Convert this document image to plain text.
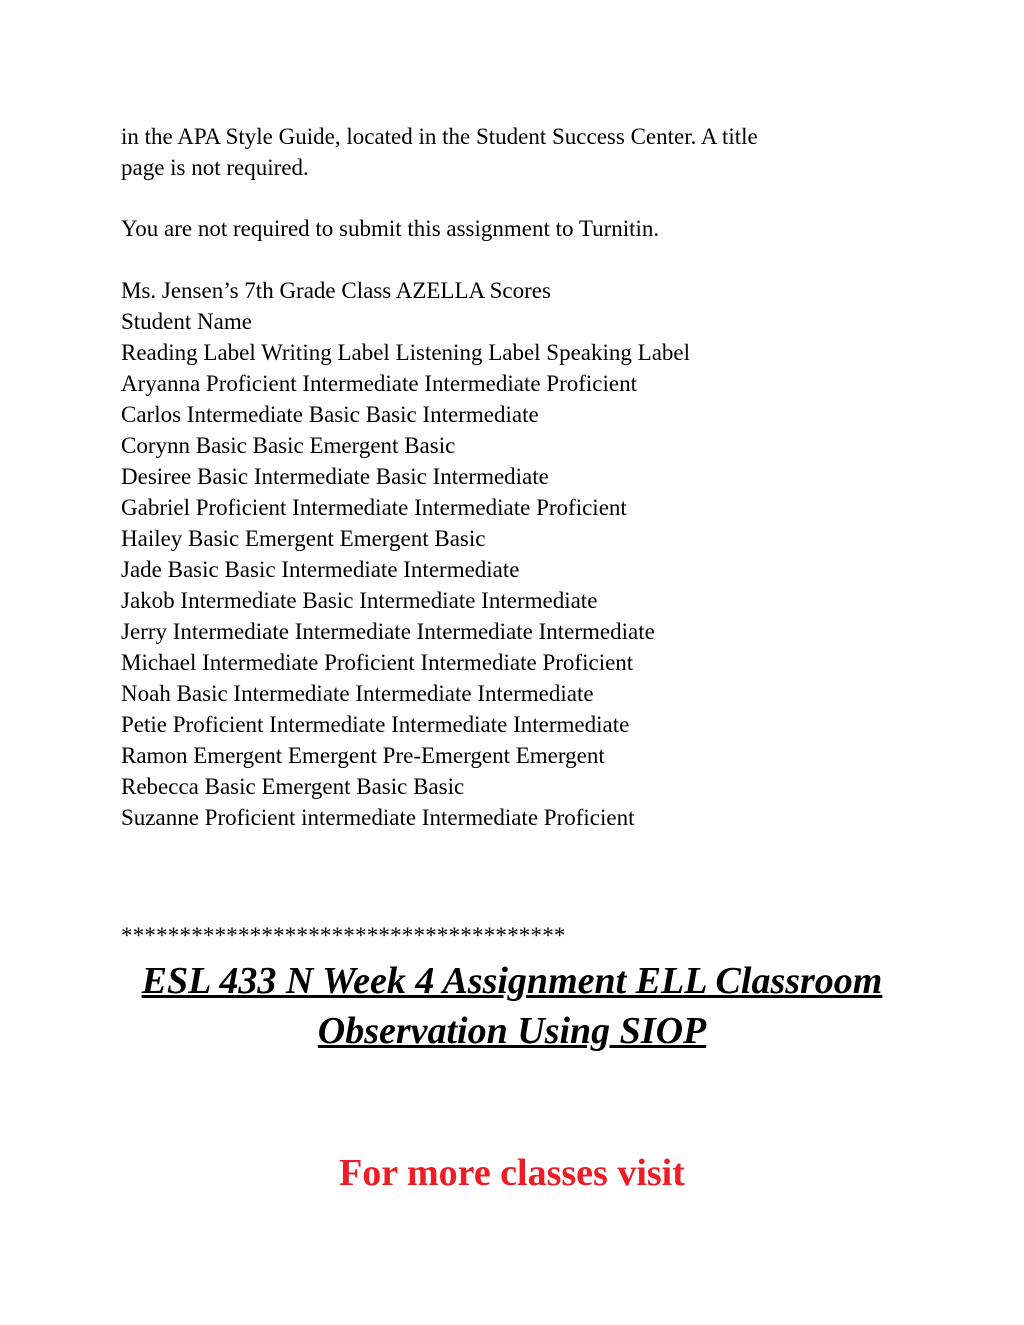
in the APA Style Guide, located in the Student Success Center. A title
page is not required.
You are not required to submit this assignment to Turnitin.
Ms. Jensen’s 7th Grade Class AZELLA Scores
Student Name
Reading Label Writing Label Listening Label Speaking Label
Aryanna Proficient Intermediate Intermediate Proficient
Carlos Intermediate Basic Basic Intermediate
Corynn Basic Basic Emergent Basic
Desiree Basic Intermediate Basic Intermediate
Gabriel Proficient Intermediate Intermediate Proficient
Hailey Basic Emergent Emergent Basic
Jade Basic Basic Intermediate Intermediate
Jakob Intermediate Basic Intermediate Intermediate
Jerry Intermediate Intermediate Intermediate Intermediate
Michael Intermediate Proficient Intermediate Proficient
Noah Basic Intermediate Intermediate Intermediate
Petie Proficient Intermediate Intermediate Intermediate
Ramon Emergent Emergent Pre-Emergent Emergent
Rebecca Basic Emergent Basic Basic
Suzanne Proficient intermediate Intermediate Proficient
**************************************
ESL 433 N Week 4 Assignment ELL Classroom
Observation Using SIOP
For more classes visit
